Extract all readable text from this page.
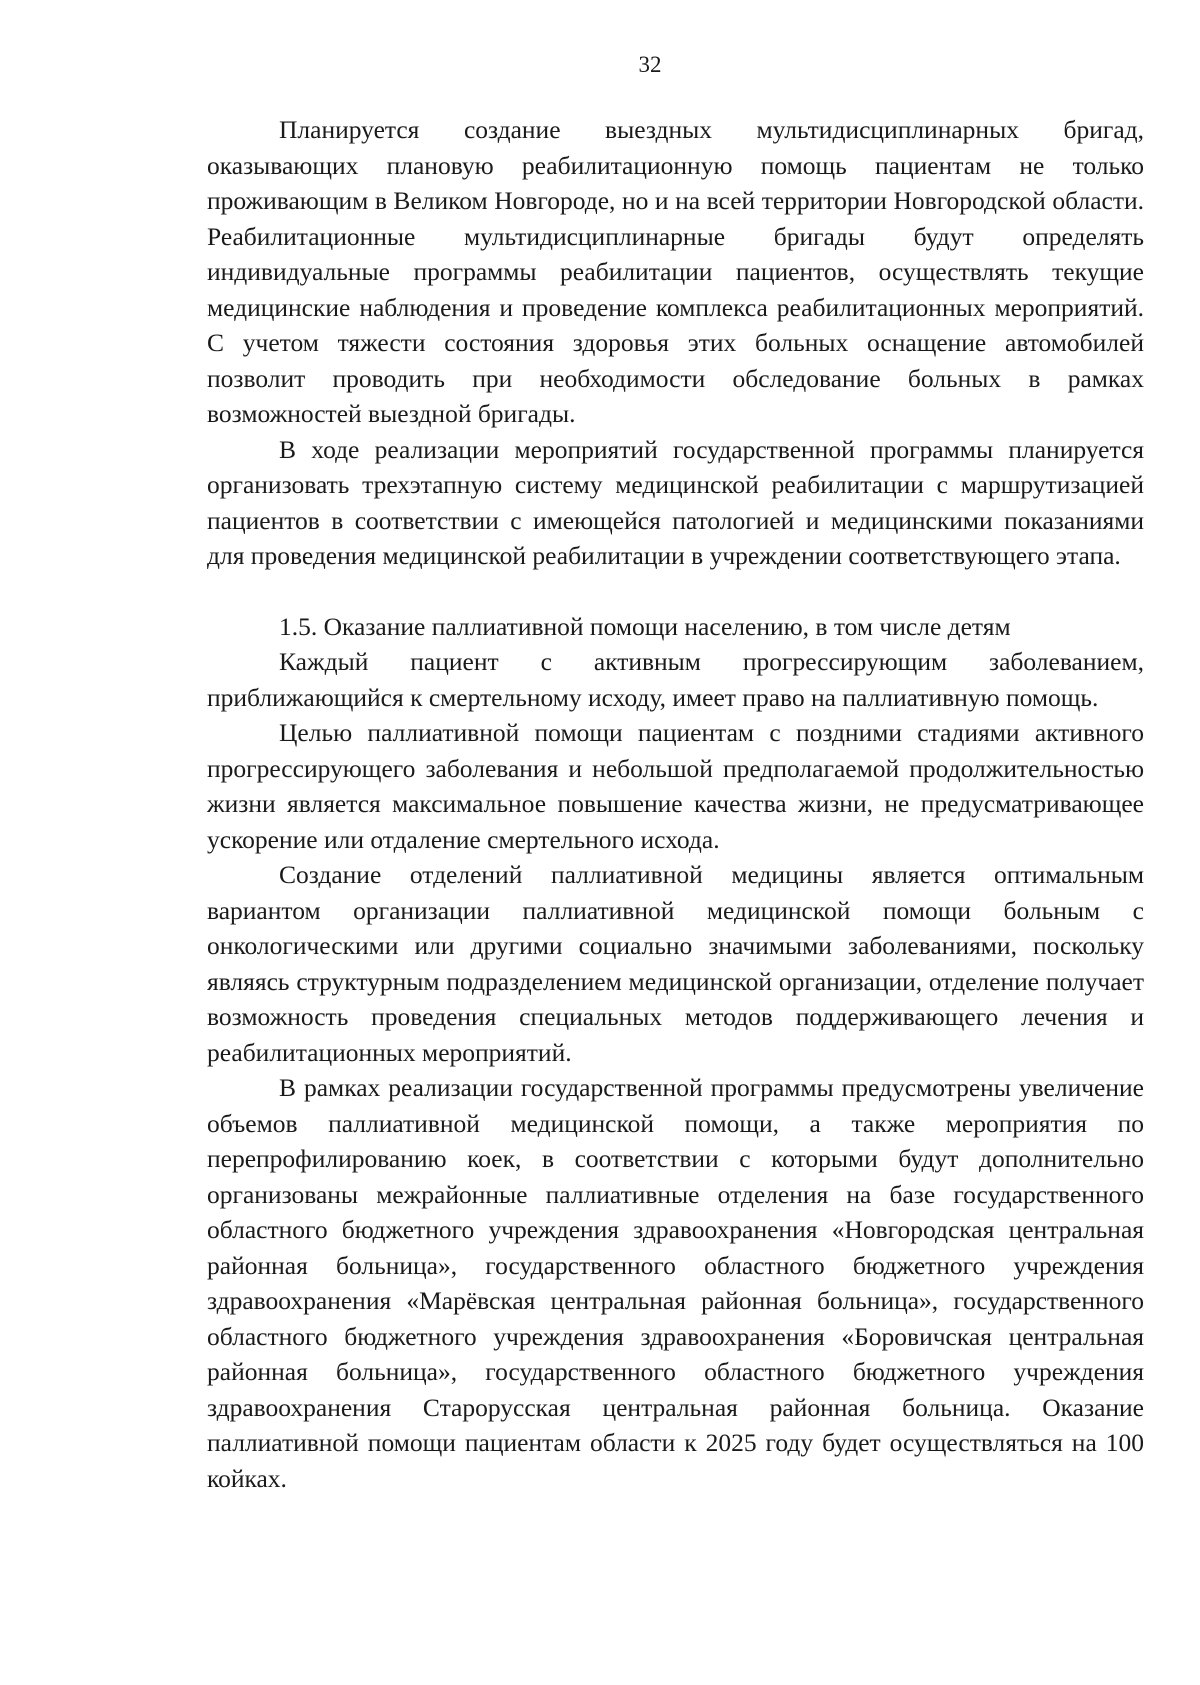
32

Планируется создание выездных мультидисциплинарных бригад, оказывающих плановую реабилитационную помощь пациентам не только проживающим в Великом Новгороде, но и на всей территории Новгородской области. Реабилитационные мультидисциплинарные бригады будут определять индивидуальные программы реабилитации пациентов, осуществлять текущие медицинские наблюдения и проведение комплекса реабилитационных мероприятий. С учетом тяжести состояния здоровья этих больных оснащение автомобилей позволит проводить при необходимости обследование больных в рамках возможностей выездной бригады.

В ходе реализации мероприятий государственной программы планируется организовать трехэтапную систему медицинской реабилитации с маршрутизацией пациентов в соответствии с имеющейся патологией и медицинскими показаниями для проведения медицинской реабилитации в учреждении соответствующего этапа.

1.5. Оказание паллиативной помощи населению, в том числе детям

Каждый пациент с активным прогрессирующим заболеванием, приближающийся к смертельному исходу, имеет право на паллиативную помощь.

Целью паллиативной помощи пациентам с поздними стадиями активного прогрессирующего заболевания и небольшой предполагаемой продолжительностью жизни является максимальное повышение качества жизни, не предусматривающее ускорение или отдаление смертельного исхода.

Создание отделений паллиативной медицины является оптимальным вариантом организации паллиативной медицинской помощи больным с онкологическими или другими социально значимыми заболеваниями, поскольку являясь структурным подразделением медицинской организации, отделение получает возможность проведения специальных методов поддерживающего лечения и реабилитационных мероприятий.

В рамках реализации государственной программы предусмотрены увеличение объемов паллиативной медицинской помощи, а также мероприятия по перепрофилированию коек, в соответствии с которыми будут дополнительно организованы межрайонные паллиативные отделения на базе государственного областного бюджетного учреждения здравоохранения «Новгородская центральная районная больница», государственного областного бюджетного учреждения здравоохранения «Марёвская центральная районная больница», государственного областного бюджетного учреждения здравоохранения «Боровичская центральная районная больница», государственного областного бюджетного учреждения здравоохранения Старорусская центральная районная больница. Оказание паллиативной помощи пациентам области к 2025 году будет осуществляться на 100 койках.
